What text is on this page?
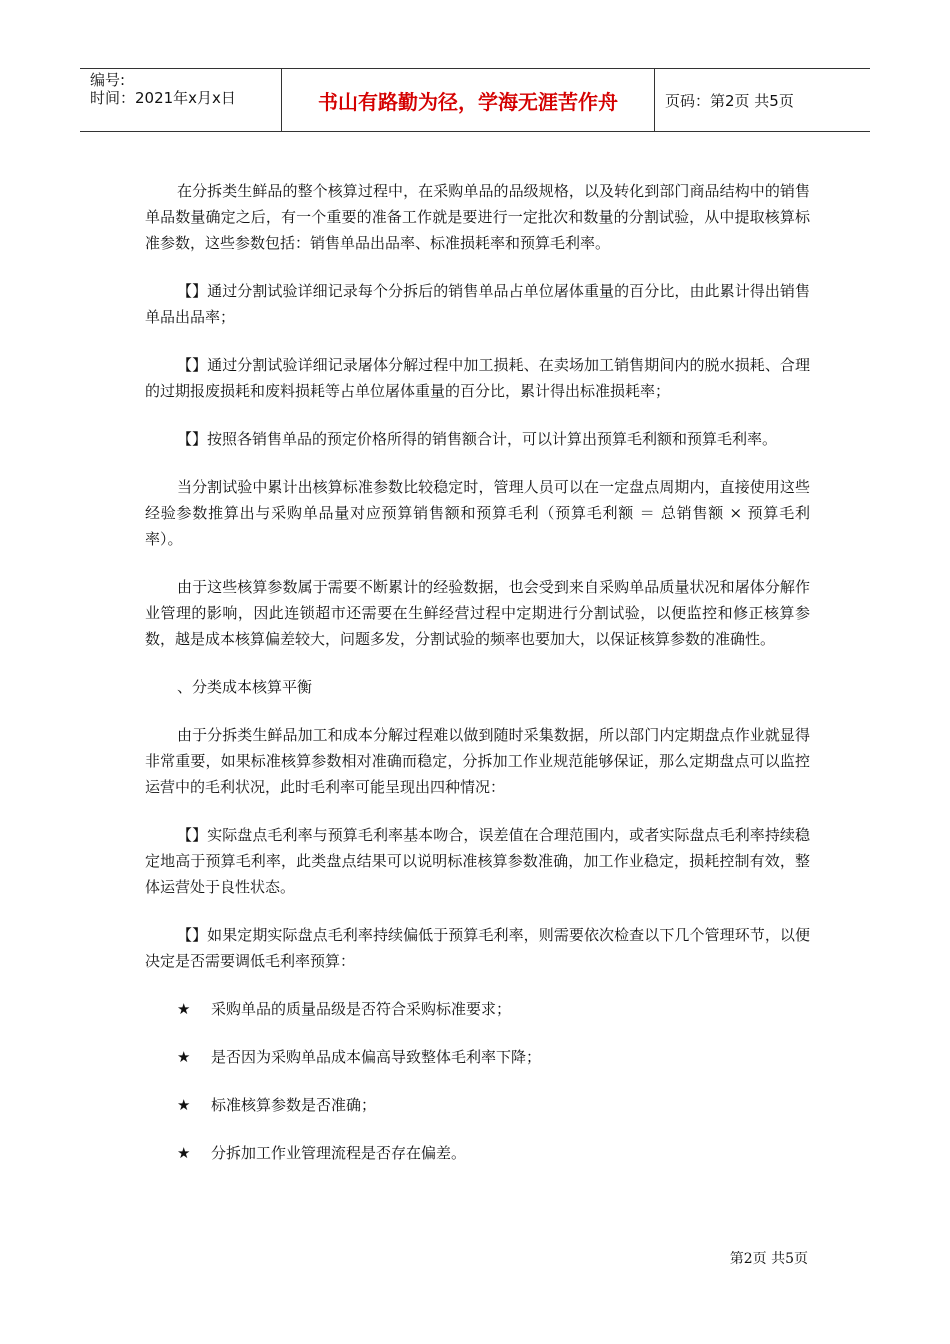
编号:
时间：2021年x月x日	书山有路勤为径，学海无涯苦作舟	页码：第2页 共5页

在分拆类生鲜品的整个核算过程中，在采购单品的品级规格，以及转化到部门商品结构中的销售单品数量确定之后，有一个重要的准备工作就是要进行一定批次和数量的分割试验，从中提取核算标准参数，这些参数包括：销售单品出品率、标准损耗率和预算毛利率。

【】通过分割试验详细记录每个分拆后的销售单品占单位屠体重量的百分比，由此累计得出销售单品出品率；

【】通过分割试验详细记录屠体分解过程中加工损耗、在卖场加工销售期间内的脱水损耗、合理的过期报废损耗和废料损耗等占单位屠体重量的百分比，累计得出标准损耗率；

【】按照各销售单品的预定价格所得的销售额合计，可以计算出预算毛利额和预算毛利率。

当分割试验中累计出核算标准参数比较稳定时，管理人员可以在一定盘点周期内，直接使用这些经验参数推算出与采购单品量对应预算销售额和预算毛利（预算毛利额 ＝ 总销售额 × 预算毛利率）。

由于这些核算参数属于需要不断累计的经验数据，也会受到来自采购单品质量状况和屠体分解作业管理的影响，因此连锁超市还需要在生鲜经营过程中定期进行分割试验，以便监控和修正核算参数，越是成本核算偏差较大，问题多发，分割试验的频率也要加大，以保证核算参数的准确性。

、分类成本核算平衡

由于分拆类生鲜品加工和成本分解过程难以做到随时采集数据，所以部门内定期盘点作业就显得非常重要，如果标准核算参数相对准确而稳定，分拆加工作业规范能够保证，那么定期盘点可以监控运营中的毛利状况，此时毛利率可能呈现出四种情况：

【】实际盘点毛利率与预算毛利率基本吻合，误差值在合理范围内，或者实际盘点毛利率持续稳定地高于预算毛利率，此类盘点结果可以说明标准核算参数准确，加工作业稳定，损耗控制有效，整体运营处于良性状态。

【】如果定期实际盘点毛利率持续偏低于预算毛利率，则需要依次检查以下几个管理环节，以便决定是否需要调低毛利率预算：

★	采购单品的质量品级是否符合采购标准要求；
★	是否因为采购单品成本偏高导致整体毛利率下降；
★	标准核算参数是否准确；
★	分拆加工作业管理流程是否存在偏差。
第2页 共5页
